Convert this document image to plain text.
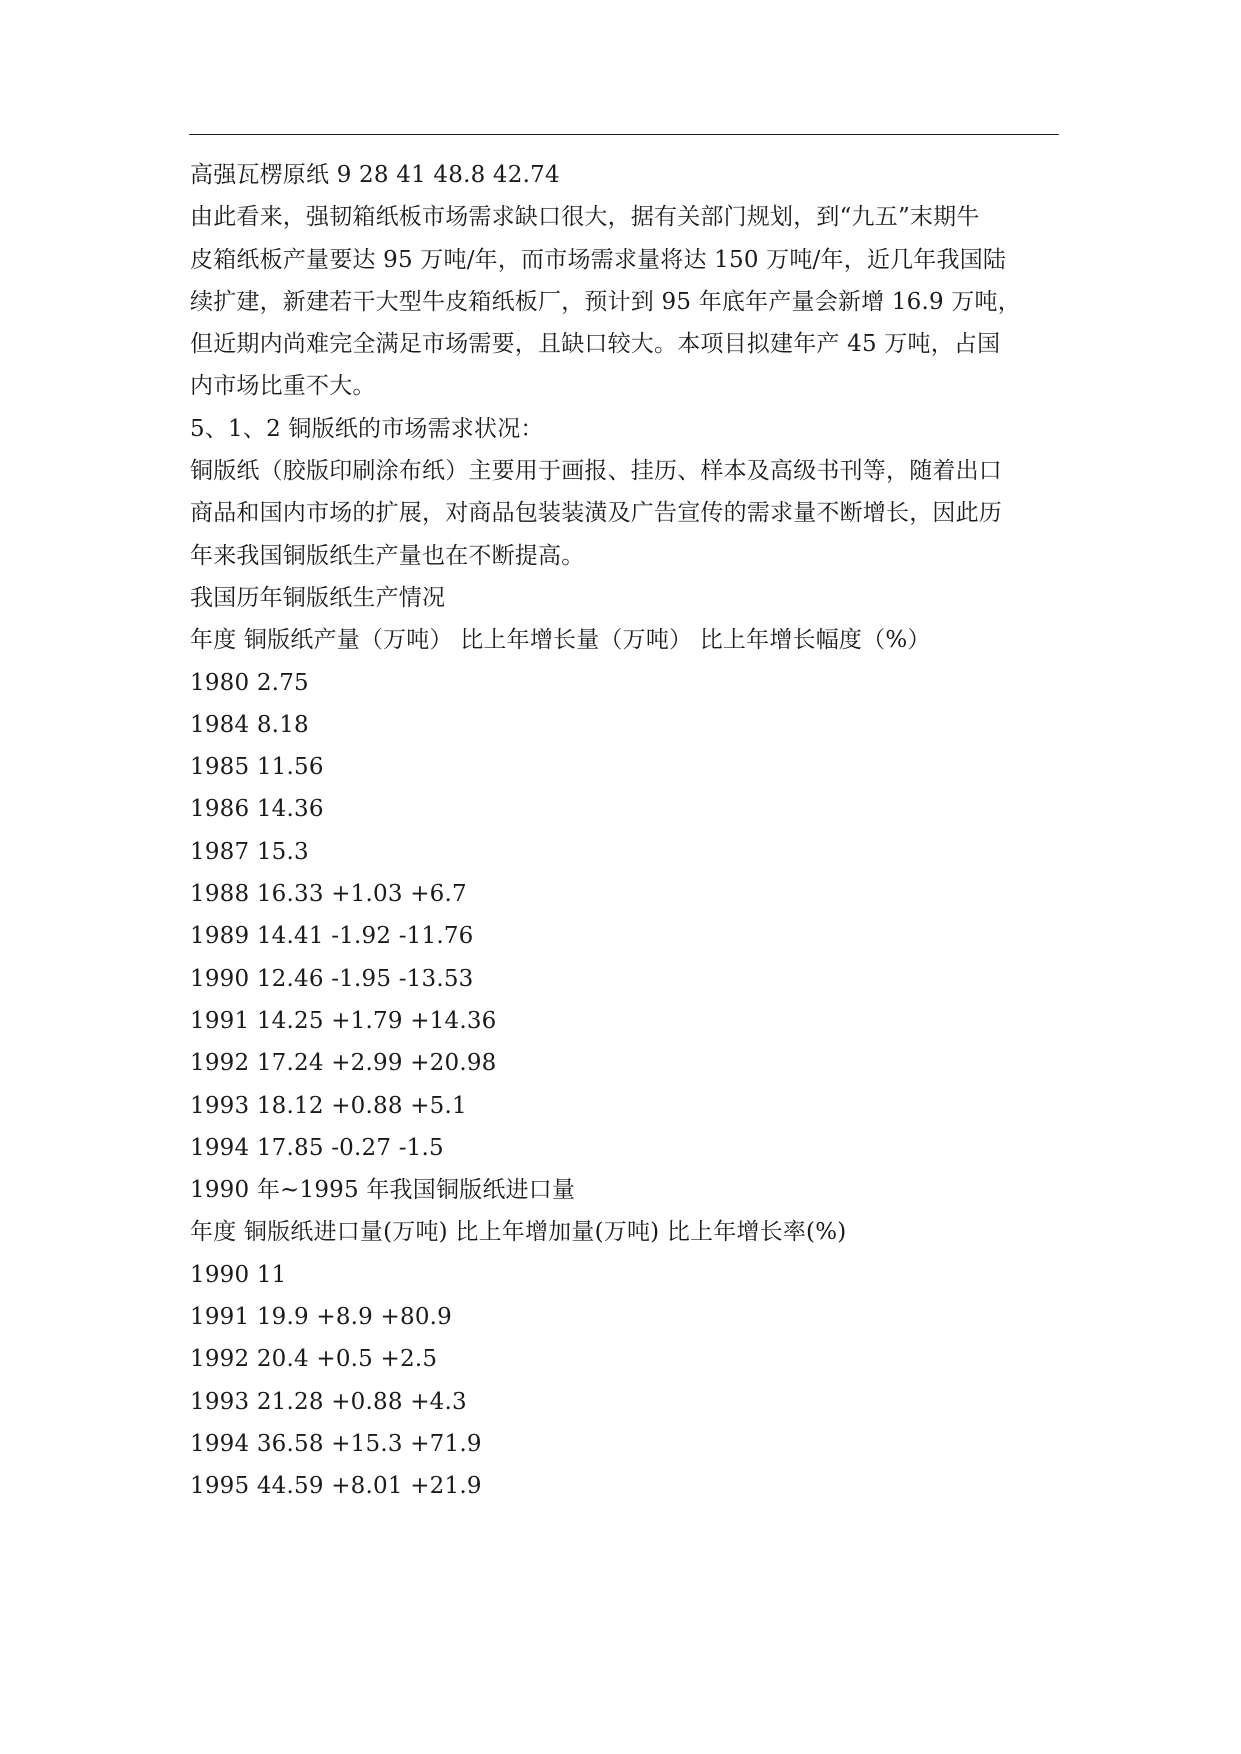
高强瓦楞原纸 9 28 41 48.8 42.74
由此看来，强韧箱纸板市场需求缺口很大，据有关部门规划，到“九五”末期牛
皮箱纸板产量要达 95 万吨/年，而市场需求量将达 150 万吨/年，近几年我国陆
续扩建，新建若干大型牛皮箱纸板厂，预计到 95 年底年产量会新增 16.9 万吨，
但近期内尚难完全满足市场需要，且缺口较大。本项目拟建年产 45 万吨，占国
内市场比重不大。
5、1、2 铜版纸的市场需求状况：
铜版纸（胶版印刷涂布纸）主要用于画报、挂历、样本及高级书刊等，随着出口
商品和国内市场的扩展，对商品包装装潢及广告宣传的需求量不断增长，因此历
年来我国铜版纸生产量也在不断提高。
我国历年铜版纸生产情况
年度 铜版纸产量（万吨） 比上年增长量（万吨） 比上年增长幅度（%）
1980 2.75
1984 8.18
1985 11.56
1986 14.36
1987 15.3
1988 16.33 +1.03 +6.7
1989 14.41 -1.92 -11.76
1990 12.46 -1.95 -13.53
1991 14.25 +1.79 +14.36
1992 17.24 +2.99 +20.98
1993 18.12 +0.88 +5.1
1994 17.85 -0.27 -1.5
1990 年~1995 年我国铜版纸进口量
年度 铜版纸进口量(万吨) 比上年增加量(万吨) 比上年增长率(%)
1990 11
1991 19.9 +8.9 +80.9
1992 20.4 +0.5 +2.5
1993 21.28 +0.88 +4.3
1994 36.58 +15.3 +71.9
1995 44.59 +8.01 +21.9
